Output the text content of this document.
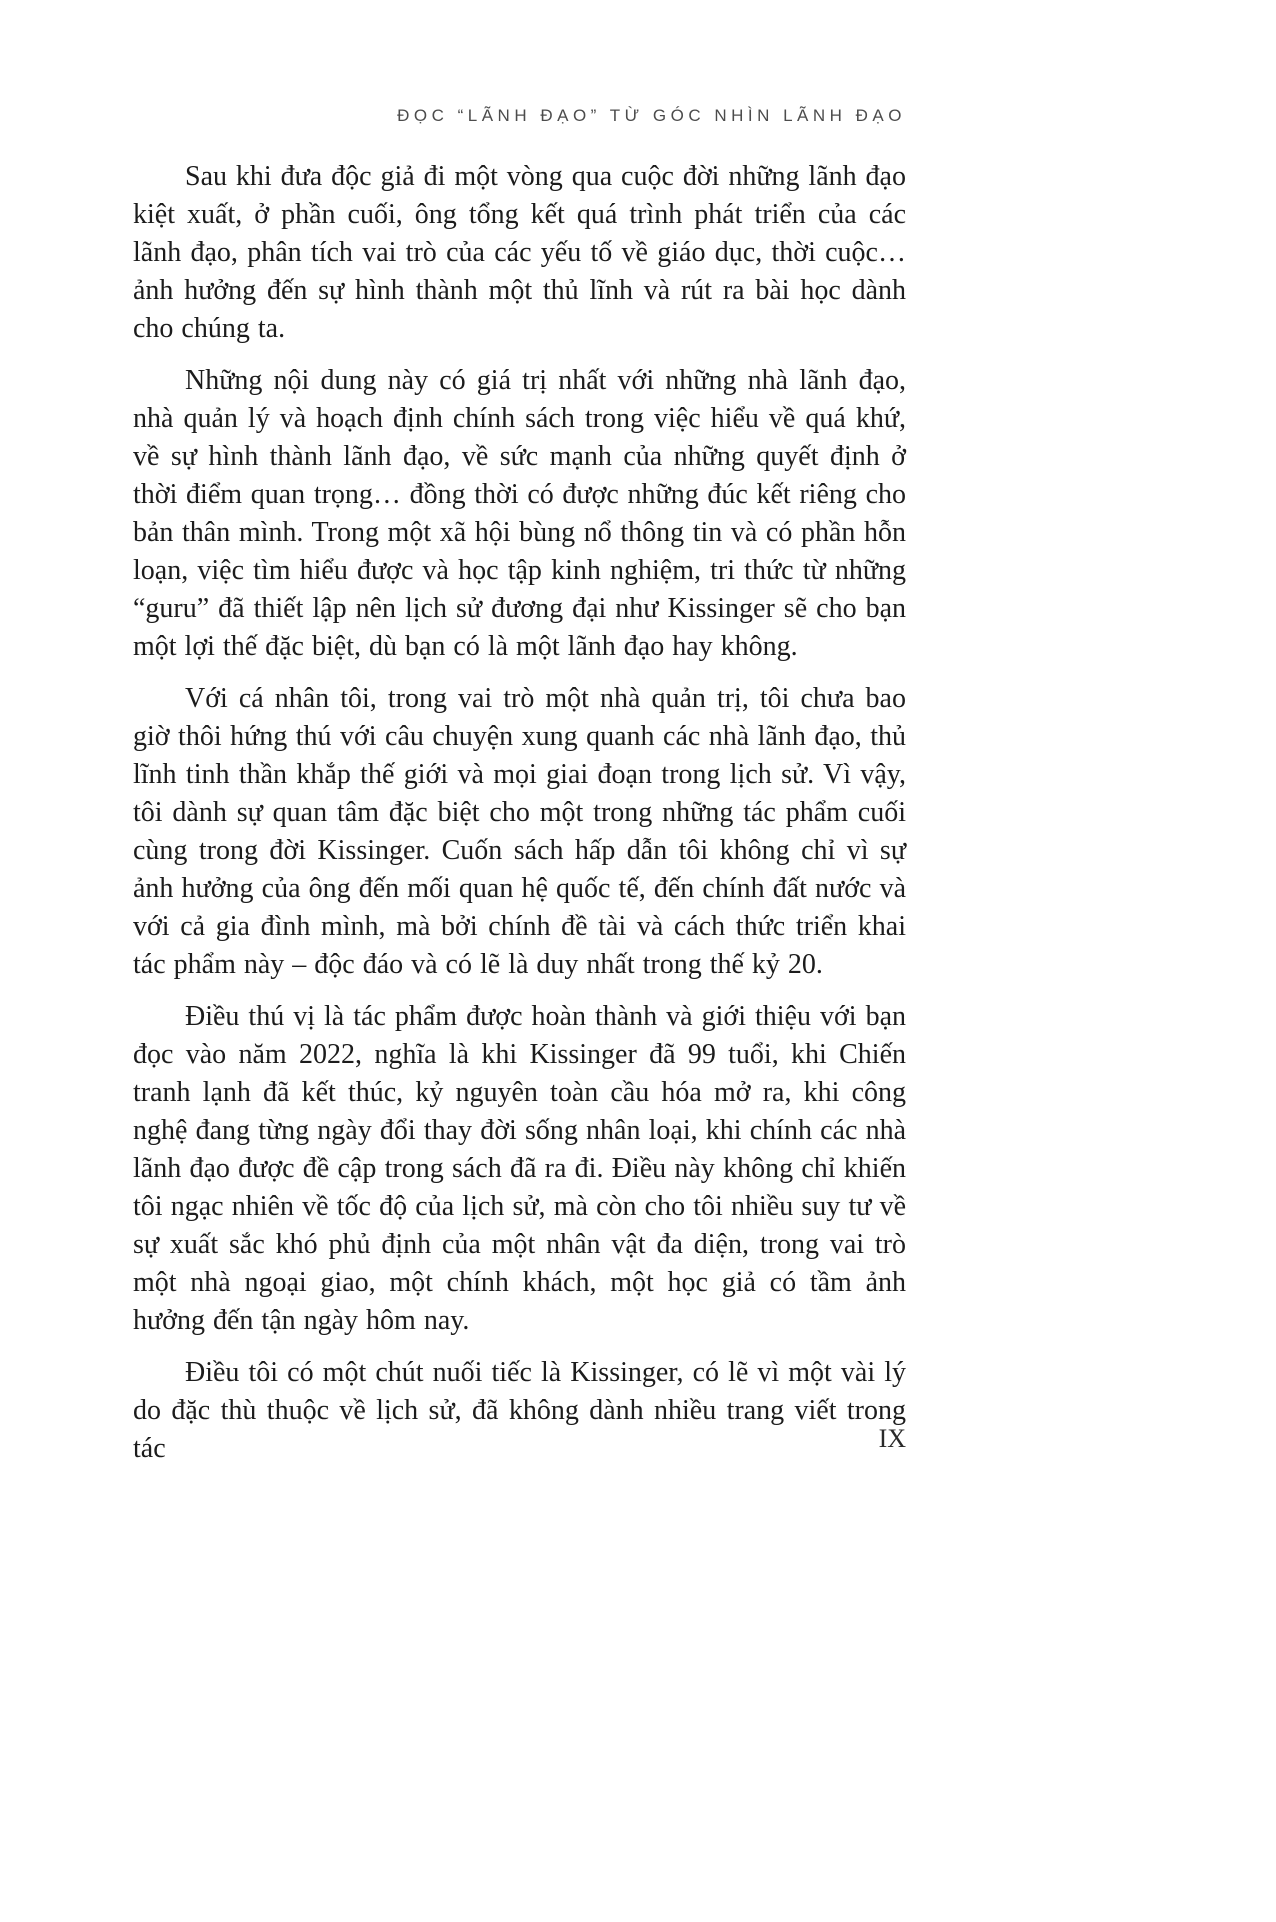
ĐỌC “LÃNH ĐẠO” TỪ GÓC NHÌN LÃNH ĐẠO

Sau khi đưa độc giả đi một vòng qua cuộc đời những lãnh đạo kiệt xuất, ở phần cuối, ông tổng kết quá trình phát triển của các lãnh đạo, phân tích vai trò của các yếu tố về giáo dục, thời cuộc… ảnh hưởng đến sự hình thành một thủ lĩnh và rút ra bài học dành cho chúng ta.

Những nội dung này có giá trị nhất với những nhà lãnh đạo, nhà quản lý và hoạch định chính sách trong việc hiểu về quá khứ, về sự hình thành lãnh đạo, về sức mạnh của những quyết định ở thời điểm quan trọng… đồng thời có được những đúc kết riêng cho bản thân mình. Trong một xã hội bùng nổ thông tin và có phần hỗn loạn, việc tìm hiểu được và học tập kinh nghiệm, tri thức từ những “guru” đã thiết lập nên lịch sử đương đại như Kissinger sẽ cho bạn một lợi thế đặc biệt, dù bạn có là một lãnh đạo hay không.

Với cá nhân tôi, trong vai trò một nhà quản trị, tôi chưa bao giờ thôi hứng thú với câu chuyện xung quanh các nhà lãnh đạo, thủ lĩnh tinh thần khắp thế giới và mọi giai đoạn trong lịch sử. Vì vậy, tôi dành sự quan tâm đặc biệt cho một trong những tác phẩm cuối cùng trong đời Kissinger. Cuốn sách hấp dẫn tôi không chỉ vì sự ảnh hưởng của ông đến mối quan hệ quốc tế, đến chính đất nước và với cả gia đình mình, mà bởi chính đề tài và cách thức triển khai tác phẩm này – độc đáo và có lẽ là duy nhất trong thế kỷ 20.

Điều thú vị là tác phẩm được hoàn thành và giới thiệu với bạn đọc vào năm 2022, nghĩa là khi Kissinger đã 99 tuổi, khi Chiến tranh lạnh đã kết thúc, kỷ nguyên toàn cầu hóa mở ra, khi công nghệ đang từng ngày đổi thay đời sống nhân loại, khi chính các nhà lãnh đạo được đề cập trong sách đã ra đi. Điều này không chỉ khiến tôi ngạc nhiên về tốc độ của lịch sử, mà còn cho tôi nhiều suy tư về sự xuất sắc khó phủ định của một nhân vật đa diện, trong vai trò một nhà ngoại giao, một chính khách, một học giả có tầm ảnh hưởng đến tận ngày hôm nay.

Điều tôi có một chút nuối tiếc là Kissinger, có lẽ vì một vài lý do đặc thù thuộc về lịch sử, đã không dành nhiều trang viết trong tác	IX
